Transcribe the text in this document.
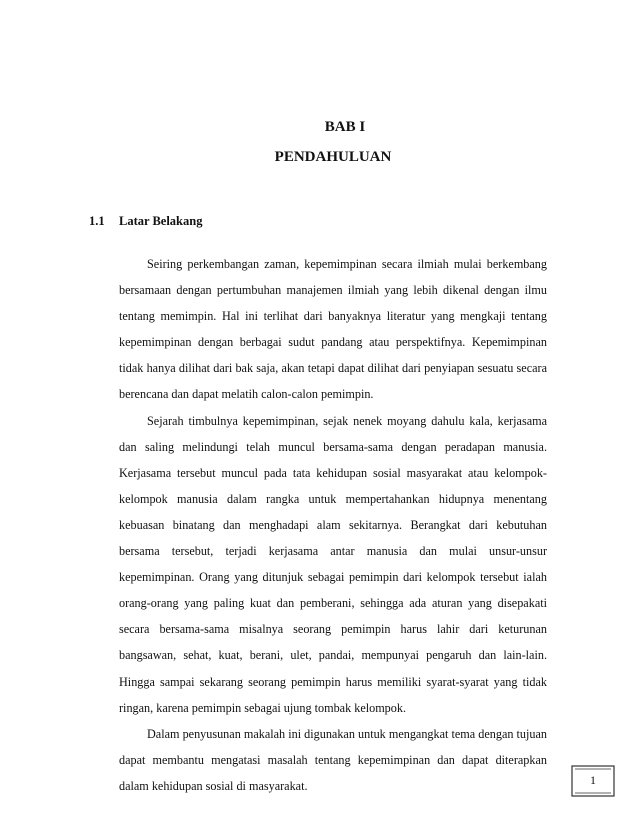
BAB I
PENDAHULUAN
1.1 Latar Belakang

Seiring perkembangan zaman, kepemimpinan secara ilmiah mulai berkembang bersamaan dengan pertumbuhan manajemen ilmiah yang lebih dikenal dengan ilmu tentang memimpin. Hal ini terlihat dari banyaknya literatur yang mengkaji tentang kepemimpinan dengan berbagai sudut pandang atau perspektifnya. Kepemimpinan tidak hanya dilihat dari bak saja, akan tetapi dapat dilihat dari penyiapan sesuatu secara berencana dan dapat melatih calon-calon pemimpin.

Sejarah timbulnya kepemimpinan, sejak nenek moyang dahulu kala, kerjasama dan saling melindungi telah muncul bersama-sama dengan peradapan manusia. Kerjasama tersebut muncul pada tata kehidupan sosial masyarakat atau kelompok-kelompok manusia dalam rangka untuk mempertahankan hidupnya menentang kebuasan binatang dan menghadapi alam sekitarnya. Berangkat dari kebutuhan bersama tersebut, terjadi kerjasama antar manusia dan mulai unsur-unsur kepemimpinan. Orang yang ditunjuk sebagai pemimpin dari kelompok tersebut ialah orang-orang yang paling kuat dan pemberani, sehingga ada aturan yang disepakati secara bersama-sama misalnya seorang pemimpin harus lahir dari keturunan bangsawan, sehat, kuat, berani, ulet, pandai, mempunyai pengaruh dan lain-lain. Hingga sampai sekarang seorang pemimpin harus memiliki syarat-syarat yang tidak ringan, karena pemimpin sebagai ujung tombak kelompok.

Dalam penyusunan makalah ini digunakan untuk mengangkat tema dengan tujuan dapat membantu mengatasi masalah tentang kepemimpinan dan dapat diterapkan dalam kehidupan sosial di masyarakat.	1
